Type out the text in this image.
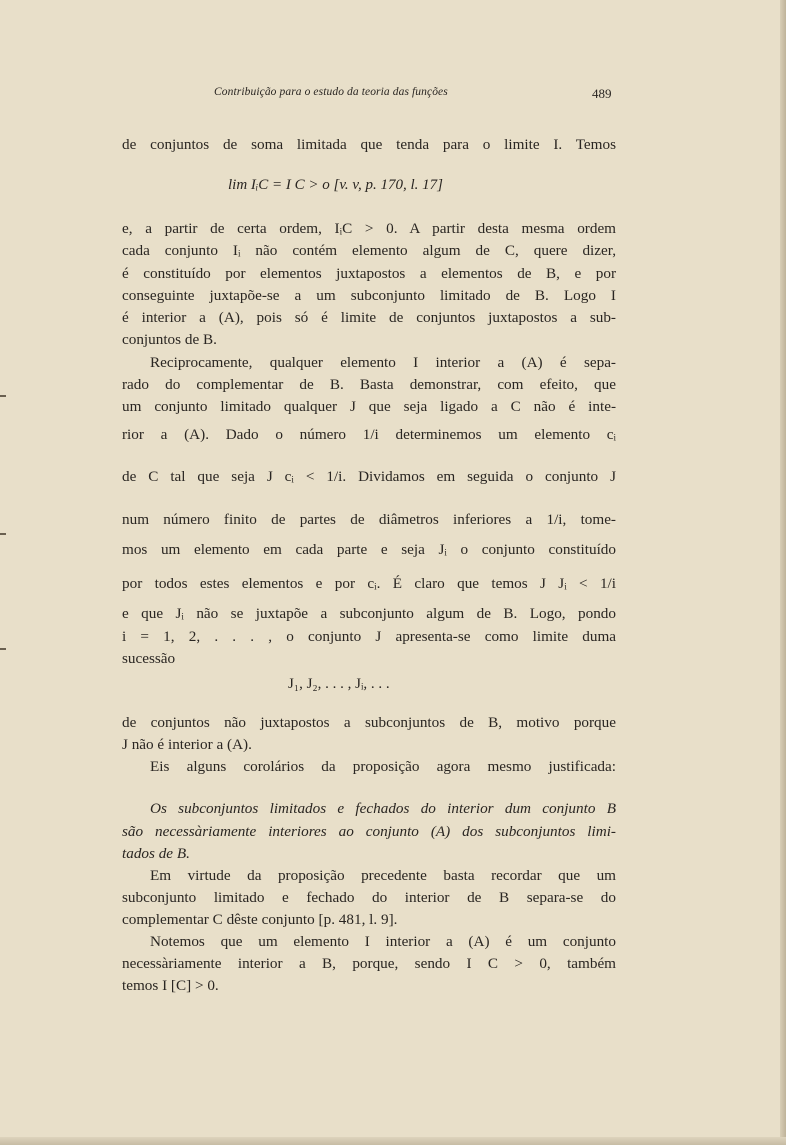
Contribuição para o estudo da teoria das funções	489
de conjuntos de soma limitada que tenda para o limite I. Temos
lim IᵢC = I C > o [v. v, p. 170, l. 17]
e, a partir de certa ordem, IᵢC > 0. A partir desta mesma ordem
cada conjunto Iᵢ não contém elemento algum de C, quere dizer,
é constituído por elementos juxtapostos a elementos de B, e por
conseguinte juxtapõe-se a um subconjunto limitado de B. Logo I
é interior a (A), pois só é limite de conjuntos juxtapostos a sub-
conjuntos de B.
Reciprocamente, qualquer elemento I interior a (A) é sepa-
rado do complementar de B. Basta demonstrar, com efeito, que
um conjunto limitado qualquer J que seja ligado a C não é inte-
rior a (A). Dado o número 1/i determinemos um elemento cᵢ
de C tal que seja J cᵢ < 1/i. Dividamos em seguida o conjunto J
num número finito de partes de diâmetros inferiores a 1/i, tome-
mos um elemento em cada parte e seja Jᵢ o conjunto constituído
por todos estes elementos e por cᵢ. É claro que temos J Jᵢ < 1/i
e que Jᵢ não se juxtapõe a subconjunto algum de B. Logo, pondo
i = 1, 2, . . . , o conjunto J apresenta-se como limite duma
sucessão
J₁, J₂, . . . , Jᵢ, . . .
de conjuntos não juxtapostos a subconjuntos de B, motivo porque
J não é interior a (A).
Eis alguns corolários da proposição agora mesmo justificada:
Os subconjuntos limitados e fechados do interior dum conjunto B
são necessàriamente interiores ao conjunto (A) dos subconjuntos limi-
tados de B.
Em virtude da proposição precedente basta recordar que um
subconjunto limitado e fechado do interior de B separa-se do
complementar C dêste conjunto [p. 481, l. 9].
Notemos que um elemento I interior a (A) é um conjunto
necessàriamente interior a B, porque, sendo I C > 0, também
temos I [C] > 0.
